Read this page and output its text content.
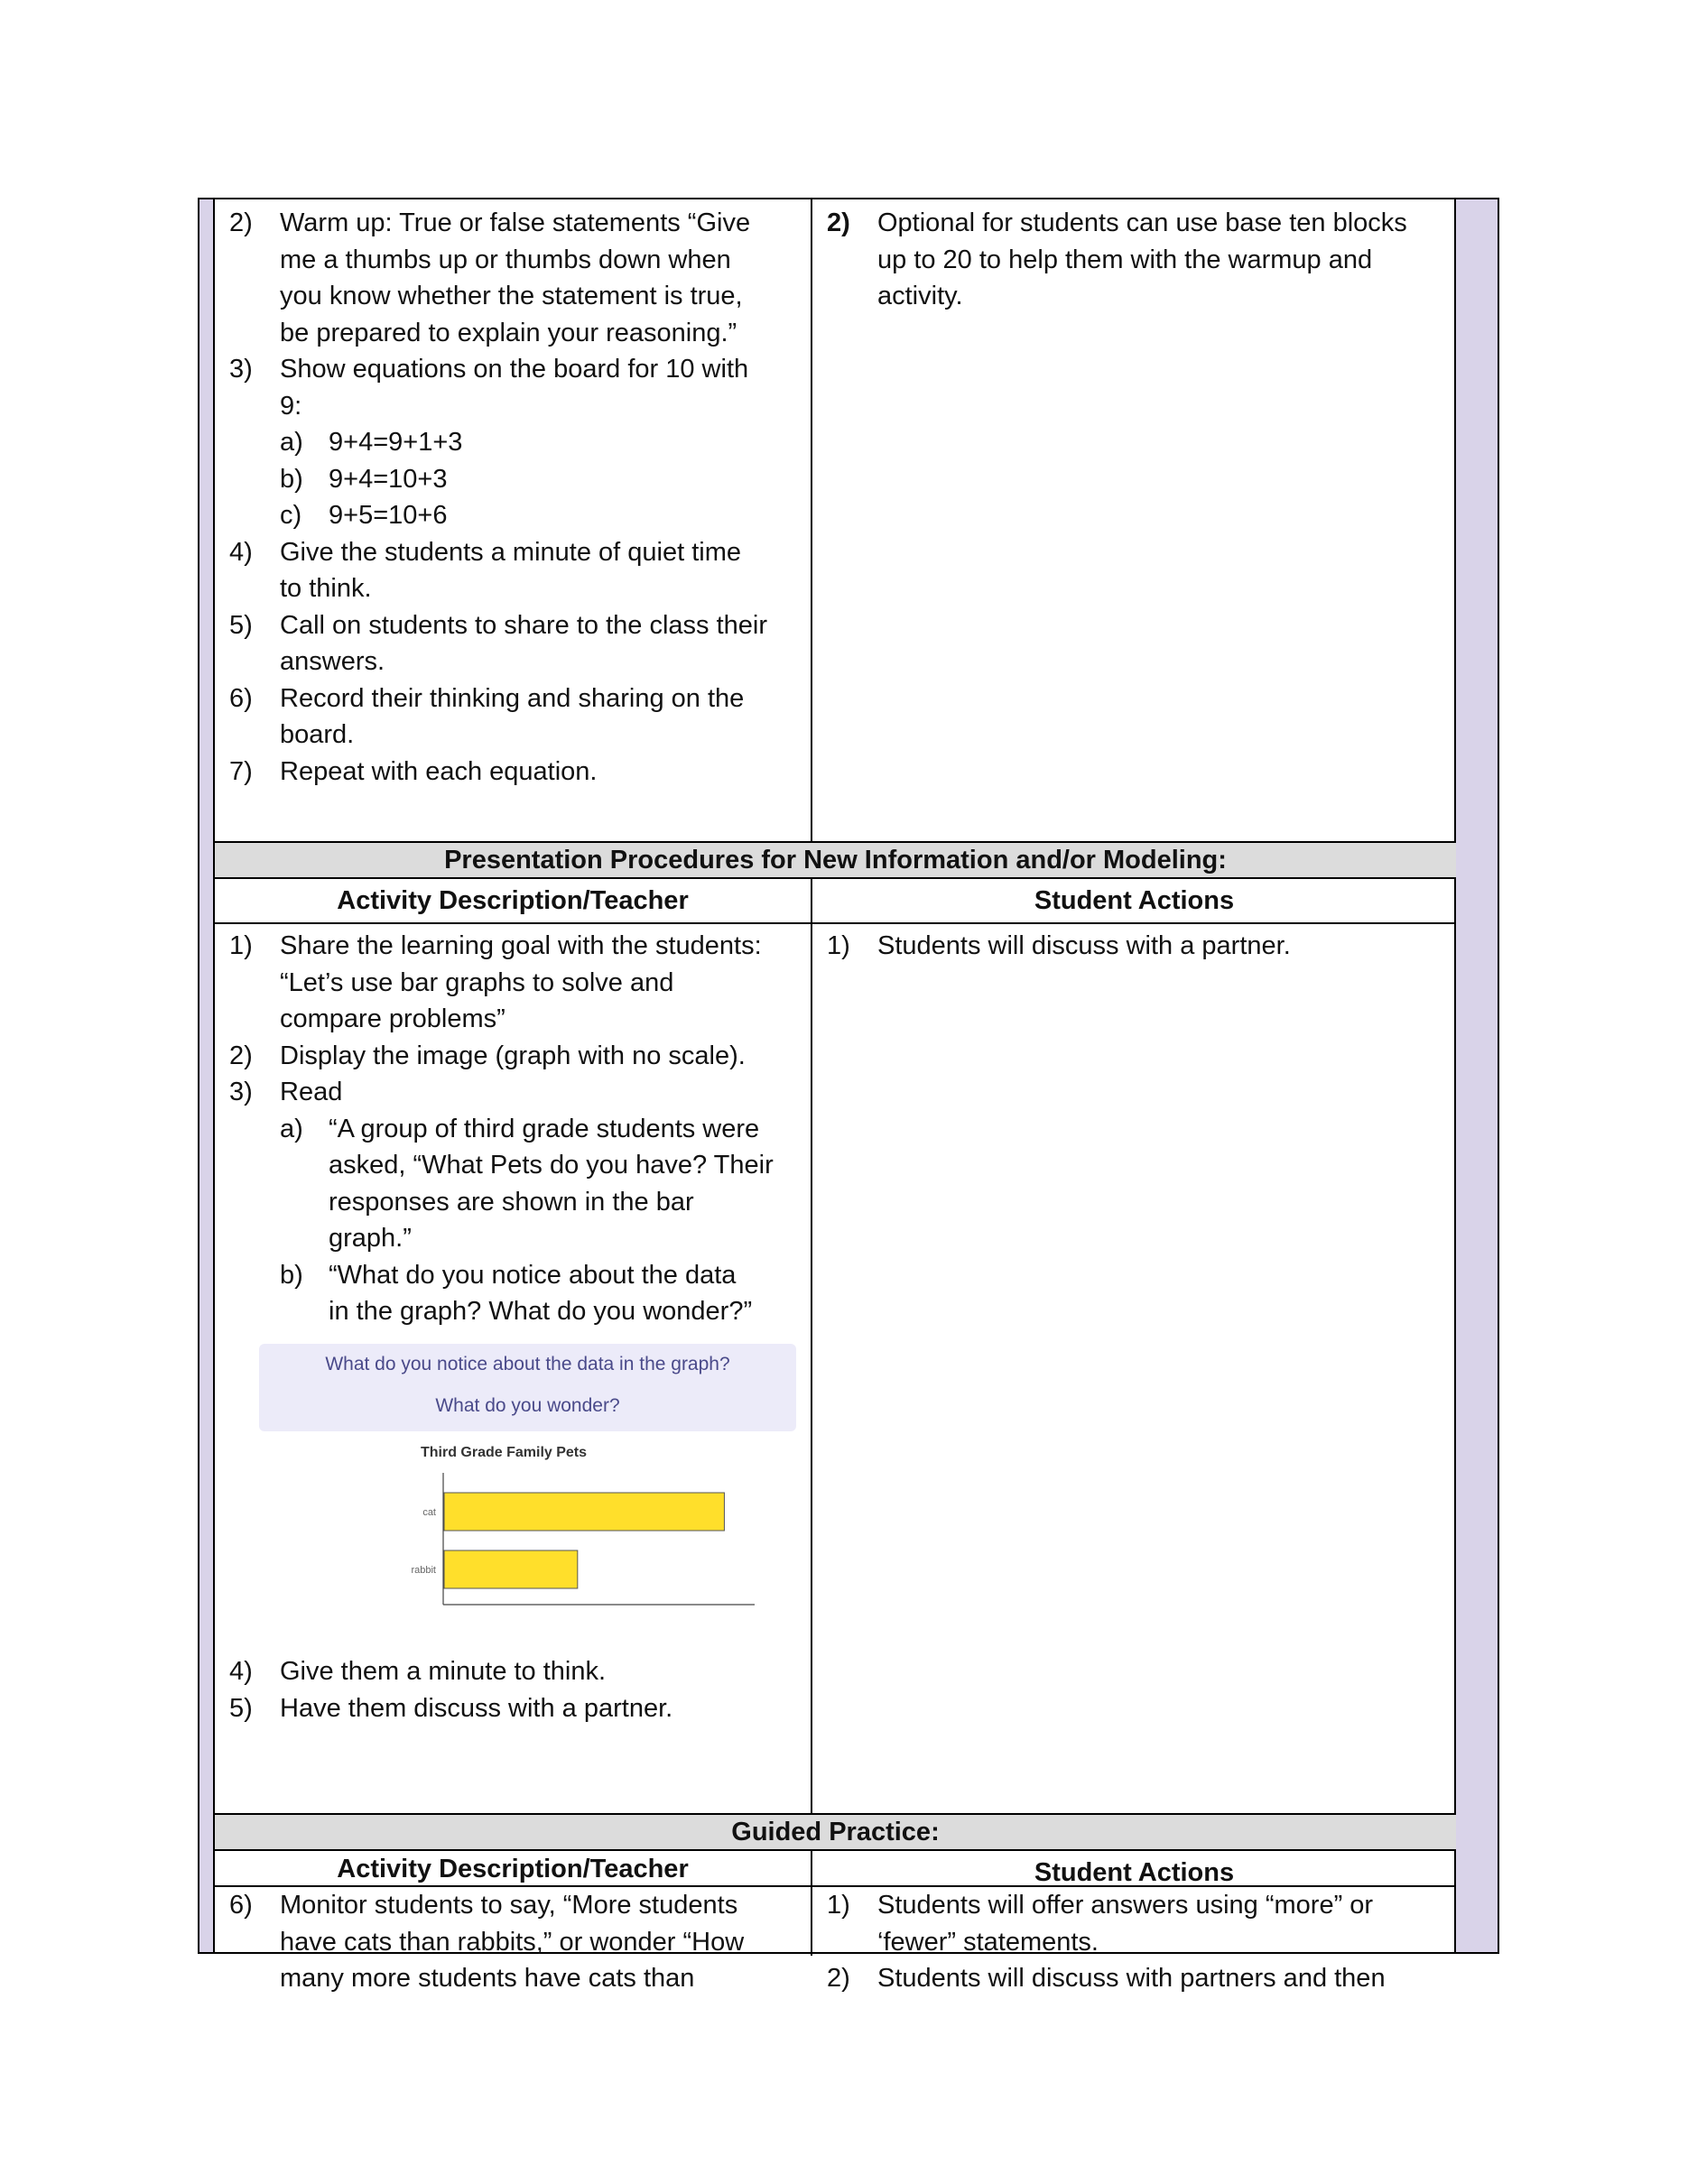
2) Warm up: True or false statements “Give
me a thumbs up or thumbs down when
you know whether the statement is true,
be prepared to explain your reasoning.”
3) Show equations on the board for 10 with
9:
a) 9+4=9+1+3
b) 9+4=10+3
c) 9+5=10+6
4) Give the students a minute of quiet time
to think.
5) Call on students to share to the class their
answers.
6) Record their thinking and sharing on the
board.
7) Repeat with each equation.
2) Optional for students can use base ten blocks
up to 20 to help them with the warmup and
activity.
Presentation Procedures for New Information and/or Modeling:
Activity Description/Teacher	Student Actions
1) Share the learning goal with the students:
“Let’s use bar graphs to solve and
compare problems”
2) Display the image (graph with no scale).
3) Read
a) “A group of third grade students were
asked, “What Pets do you have? Their
responses are shown in the bar
graph.”
b) “What do you notice about the data
in the graph? What do you wonder?”
What do you notice about the data in the graph?
What do you wonder?
Third Grade Family Pets
cat
rabbit
4) Give them a minute to think.
5) Have them discuss with a partner.
1) Students will discuss with a partner.
Guided Practice:
Activity Description/Teacher	Student Actions
6) Monitor students to say, “More students
have cats than rabbits,” or wonder “How
many more students have cats than
1) Students will offer answers using “more” or
‘fewer” statements.
2) Students will discuss with partners and then
